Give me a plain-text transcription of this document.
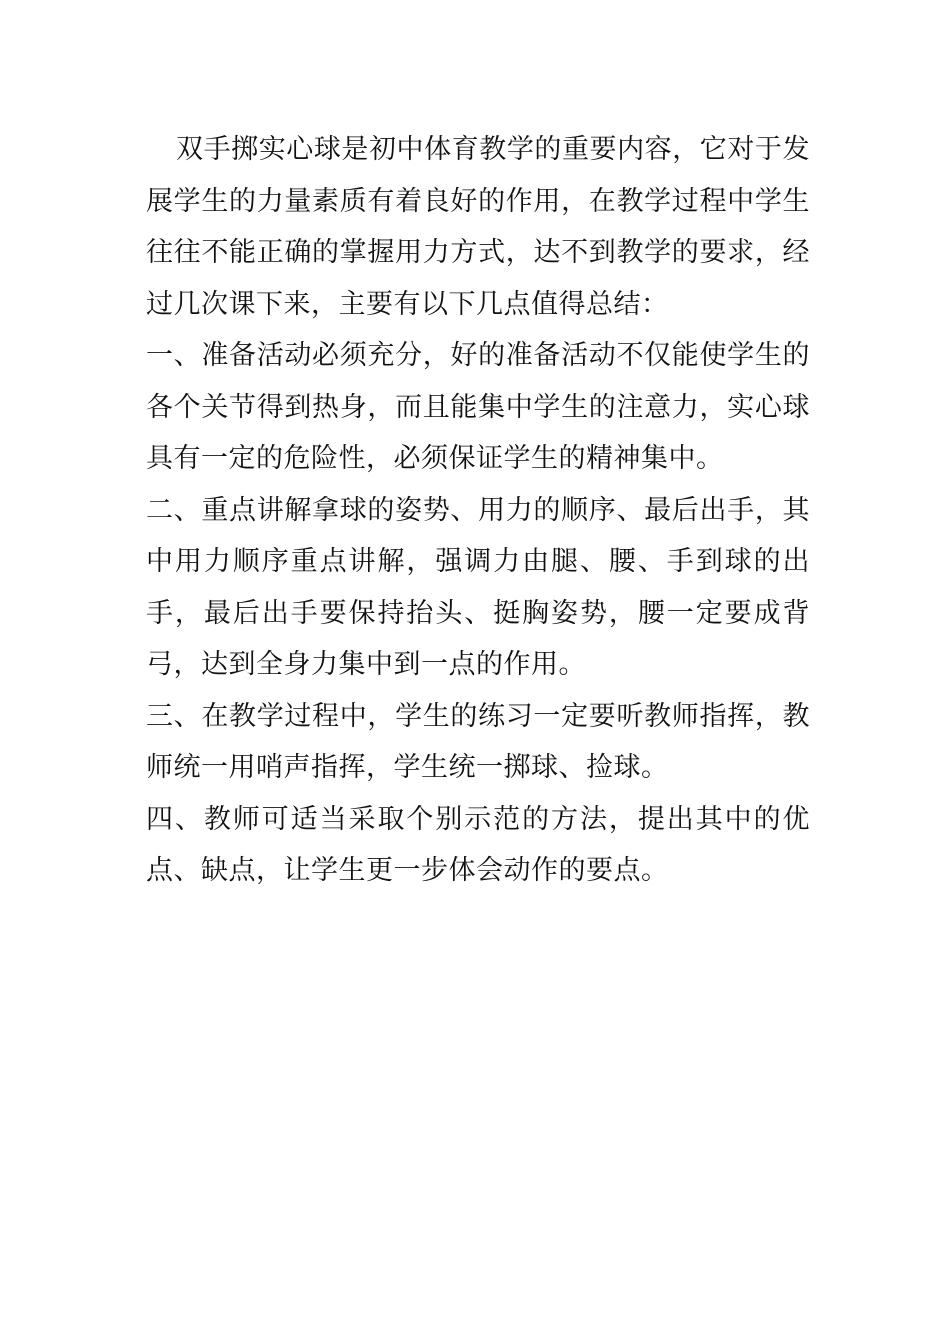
双手掷实心球是初中体育教学的重要内容，它对于发展学生的力量素质有着良好的作用，在教学过程中学生往往不能正确的掌握用力方式，达不到教学的要求，经过几次课下来，主要有以下几点值得总结：

一、准备活动必须充分，好的准备活动不仅能使学生的各个关节得到热身，而且能集中学生的注意力，实心球具有一定的危险性，必须保证学生的精神集中。

二、重点讲解拿球的姿势、用力的顺序、最后出手，其中用力顺序重点讲解，强调力由腿、腰、手到球的出手，最后出手要保持抬头、挺胸姿势，腰一定要成背弓，达到全身力集中到一点的作用。

三、在教学过程中，学生的练习一定要听教师指挥，教师统一用哨声指挥，学生统一掷球、捡球。

四、教师可适当采取个别示范的方法，提出其中的优点、缺点，让学生更一步体会动作的要点。
